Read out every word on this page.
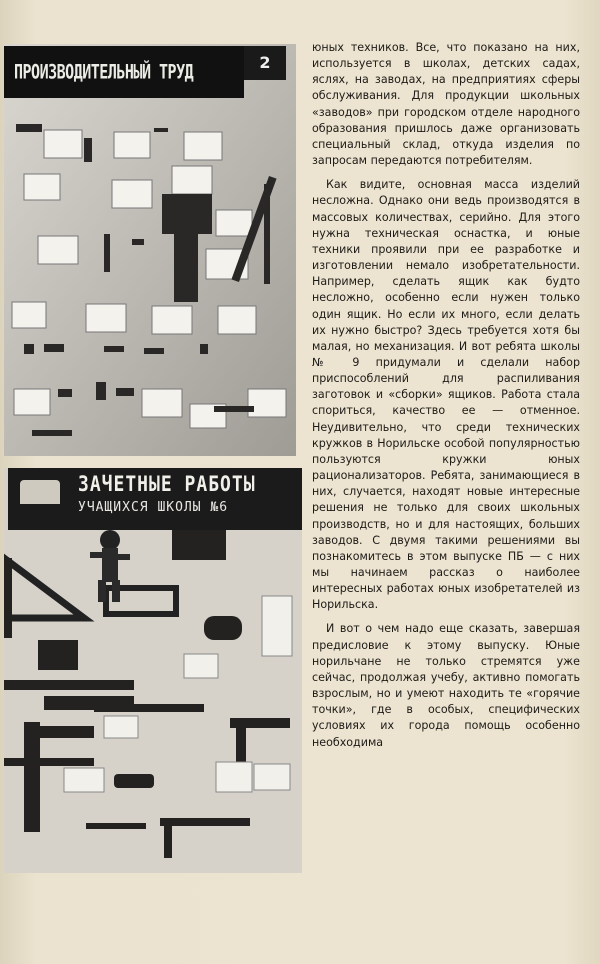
ПРОИЗВОДИТЕЛЬНЫЙ ТРУД	2
ЗАЧЕТНЫЕ РАБОТЫ
УЧАЩИХСЯ ШКОЛЫ №6

юных техников. Все, что показано на них, используется в школах, детских садах, яслях, на заводах, на предприятиях сферы обслуживания. Для продукции школьных «заводов» при городском отделе народного образования пришлось даже организовать специальный склад, откуда изделия по запросам передаются потребителям.

Как видите, основная масса изделий несложна. Однако они ведь производятся в массовых количествах, серийно. Для этого нужна техническая оснастка, и юные техники проявили при ее разработке и изготовлении немало изобретательности. Например, сделать ящик как будто несложно, особенно если нужен только один ящик. Но если их много, если делать их нужно быстро? Здесь требуется хотя бы малая, но механизация. И вот ребята школы № 9 придумали и сделали набор приспособлений для распиливания заготовок и «сборки» ящиков. Работа стала спориться, качество ее — отменное. Неудивительно, что среди технических кружков в Норильске особой популярностью пользуются кружки юных рационализаторов. Ребята, занимающиеся в них, случается, находят новые интересные решения не только для своих школьных производств, но и для настоящих, больших заводов. С двумя такими решениями вы познакомитесь в этом выпуске ПБ — с них мы начинаем рассказ о наиболее интересных работах юных изобретателей из Норильска.

И вот о чем надо еще сказать, завершая предисловие к этому выпуску. Юные норильчане не только стремятся уже сейчас, продолжая учебу, активно помогать взрослым, но и умеют находить те «горячие точки», где в особых, специфических условиях их города помощь особенно необходима
